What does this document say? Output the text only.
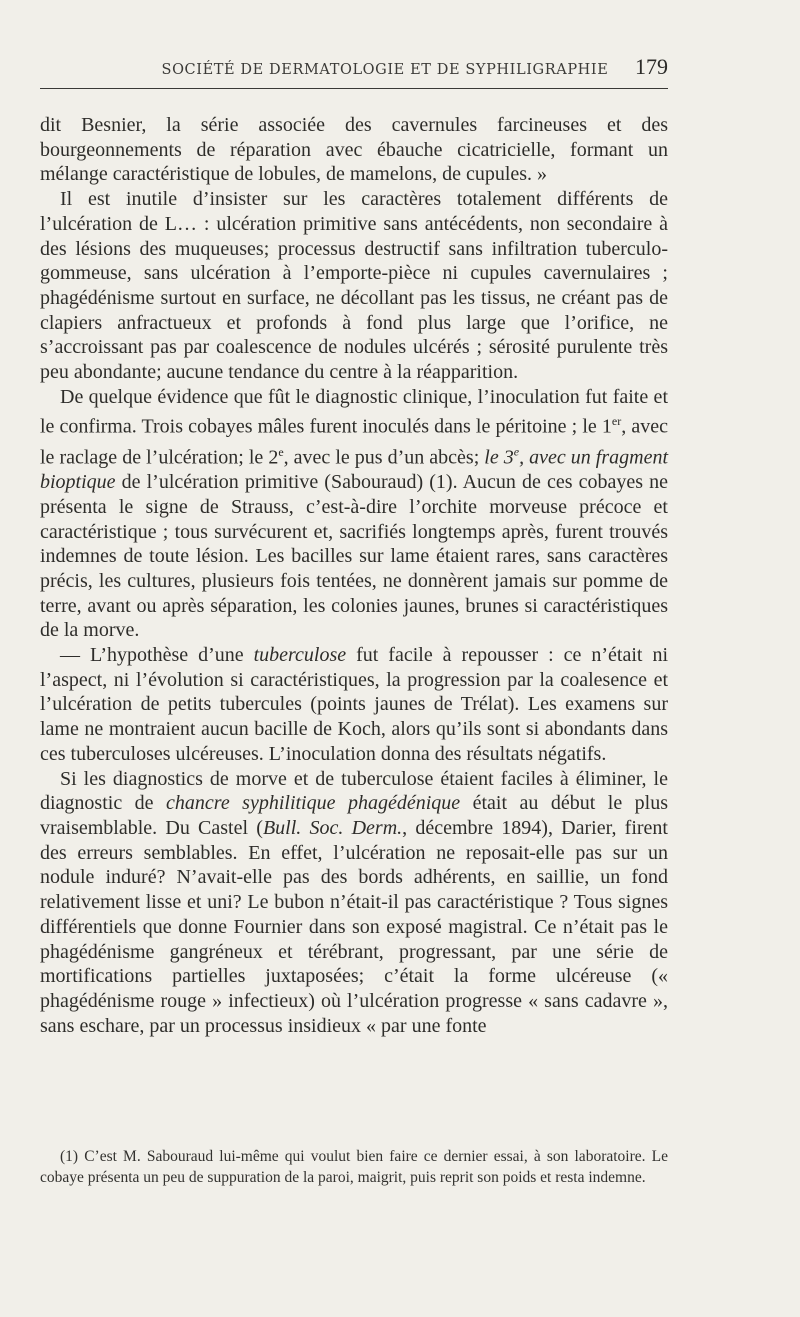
SOCIÉTÉ DE DERMATOLOGIE ET DE SYPHILIGRAPHIE	179

dit Besnier, la série associée des cavernules farcineuses et des bourgeonnements de réparation avec ébauche cicatricielle, formant un mélange caractéristique de lobules, de mamelons, de cupules. »

Il est inutile d’insister sur les caractères totalement différents de l’ulcération de L… : ulcération primitive sans antécédents, non secondaire à des lésions des muqueuses; processus destructif sans infiltration tuberculo-gommeuse, sans ulcération à l’emporte-pièce ni cupules cavernulaires ; phagédénisme surtout en surface, ne décollant pas les tissus, ne créant pas de clapiers anfractueux et profonds à fond plus large que l’orifice, ne s’accroissant pas par coalescence de nodules ulcérés ; sérosité purulente très peu abondante; aucune tendance du centre à la réapparition.

De quelque évidence que fût le diagnostic clinique, l’inoculation fut faite et le confirma. Trois cobayes mâles furent inoculés dans le péritoine ; le 1er, avec le raclage de l’ulcération; le 2e, avec le pus d’un abcès; le 3e, avec un fragment bioptique de l’ulcération primitive (Sabouraud) (1). Aucun de ces cobayes ne présenta le signe de Strauss, c’est-à-dire l’orchite morveuse précoce et caractéristique ; tous survécurent et, sacrifiés longtemps après, furent trouvés indemnes de toute lésion. Les bacilles sur lame étaient rares, sans caractères précis, les cultures, plusieurs fois tentées, ne donnèrent jamais sur pomme de terre, avant ou après séparation, les colonies jaunes, brunes si caractéristiques de la morve.

— L’hypothèse d’une tuberculose fut facile à repousser : ce n’était ni l’aspect, ni l’évolution si caractéristiques, la progression par la coalesence et l’ulcération de petits tubercules (points jaunes de Trélat). Les examens sur lame ne montraient aucun bacille de Koch, alors qu’ils sont si abondants dans ces tuberculoses ulcéreuses. L’inoculation donna des résultats négatifs.

Si les diagnostics de morve et de tuberculose étaient faciles à éliminer, le diagnostic de chancre syphilitique phagédénique était au début le plus vraisemblable. Du Castel (Bull. Soc. Derm., décembre 1894), Darier, firent des erreurs semblables. En effet, l’ulcération ne reposait-elle pas sur un nodule induré? N’avait-elle pas des bords adhérents, en saillie, un fond relativement lisse et uni? Le bubon n’était-il pas caractéristique ? Tous signes différentiels que donne Fournier dans son exposé magistral. Ce n’était pas le phagédénisme gangréneux et térébrant, progressant, par une série de mortifications partielles juxtaposées; c’était la forme ulcéreuse (« phagédénisme rouge » infectieux) où l’ulcération progresse « sans cadavre », sans eschare, par un processus insidieux « par une fonte

(1) C’est M. Sabouraud lui-même qui voulut bien faire ce dernier essai, à son laboratoire. Le cobaye présenta un peu de suppuration de la paroi, maigrit, puis reprit son poids et resta indemne.
